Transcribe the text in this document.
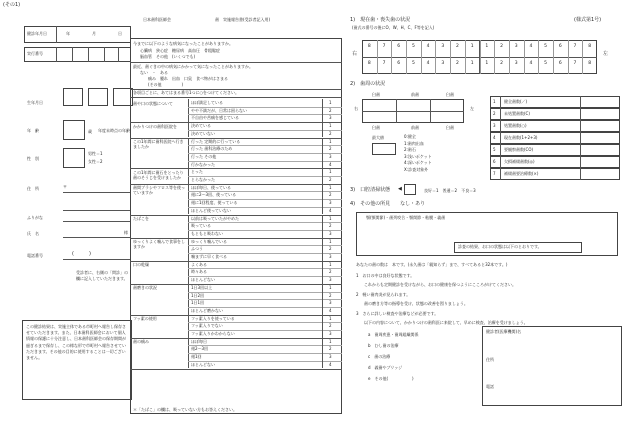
(その1)
健診年月日	年	月	日
実行番号
生年月日
年　齢	歳 年度末時点の年齢
性　別
男性＝1
女性＝2
住　所	〒
ふりがな
氏　名	様
電話番号	(　　　)
受診者に、右側の「問診」の欄に記入していただきます。
この健診結果は、実施主体である市町村へ報告し保存させていただきます。また、日本歯科医師会において個人情報の保護に十分注意し、日本歯科医師会の保存期間が過ぎるまで保存し、この様な形で市町村へ報告させていただきます。その他の目的に使用することは一切ございません。
日本歯科医師会	歯　実施報告書(受診者記入用)
今までに以下のような病気になったことがありますか。
心臓病　 狭心症　 糖尿病　 高血圧　 骨粗鬆症
脳血管　 その他　 (いくつでも)
最近、歯ぐきの中の病気にかかって気になったことがありますか。
ない　・　ある
痛み　 腫れ　 出血　 口臭　 食べ物がはさまる
(その他　　　　　)
各項目ごとに、あてはまる番号1つに○をつけてください。
歯や口の状態について	ほぼ満足している	1
やや不満だが、日常は困らない	2
不自由や苦痛を感じている	3
かかりつけの歯科医院を	決めている	1
決めていない	2
この1年間に歯科医院へ行きましたか
行った 定期的に行っている	1
行った 歯科治療のため	2
行った その他	3
行かなかった	4
この1年間に歯石をとったり歯のそうじを受けましたか
とった	1
とらなかった	2
歯間ブラシやフロス等を使っていますか
ほぼ毎日、使っている	1
週に2〜3回、使っている	2
週に1回程度、使っている	3
ほとんど使っていない	4
たばこを	以前は吸っていたがやめた	1
吸っている	2
もともと吸わない	3
ゆっくりよく噛んで食事をしますか
ゆっくり噛んでいる	1
ふつう	2
噛まずに早く食べる	3
口の乾燥	よくある	1
時々ある	2
ほとんどない	3
歯磨きの状況	1日3回以上	1
1日2回	2
1日1回	3
ほとんど磨かない	4
フッ素の使用	フッ素入りを使っている	1
フッ素入りでない	2
フッ素入りかわからない	3
歯の痛み	ほぼ毎日	1
週2〜3回	2
週1回	3
ほとんどない	4
＊「たばこ」の欄は、吸っていない方もお答えください。
1)　現在歯・喪失歯の状況	(様式第1号)
(歯式の番号の後にO、W、H、C、F等を記入)
右	左
8	7	6	5	4	3	2	1	1	2	3	4	5	6	7	8
8	7	6	5	4	3	2	1	1	2	3	4	5	6	7	8
2)　歯周の状況
右	左
臼歯	前歯	臼歯
臼歯	前歯	臼歯
最大値	0:健全
1:歯肉出血
2:歯石
3:浅いポケット
4:深いポケット
X:診査対象外
1 健全歯数(／)
2 未処置歯数(C)
3 処置歯数(○)
4 現在歯数(1+2+3)
5 要観察歯数(CO)
6 欠損補綴歯数(◎)
7 補綴歯要治療数(×)
3)　口腔清掃状態 ◀	良好＝1　 普通＝2　 不良＝3
4)　その他の所見　　 なし・あり
顎(顎関節)・歯列咬合・顎関節・粘膜・義歯
診査の結果、お口の状態は以下のとおりです。
あなたの歯の数は　本です。(永久歯は「親知らず」まで、すべてあると32本です。)
1　お口の中は良好な状態です。
これからも定期健診を受けながら、お口の健康を保つようにこころがけてください。
2　軽い歯肉炎が見られます。
歯の磨き方等の指導を受け、状態の改善を図りましょう。
3　さらに詳しい検査や治療などが必要です。
以下の内容について、かかりつけの歯科医に来院して、早めに検査、治療を受けましょう。
a　歯周疾患・歯周組織関係
b　むし歯の治療
c　歯の治療
d　義歯やブリッジ
e　その他(　　　　　　)
健診者(医療機関)名
住所
電話
